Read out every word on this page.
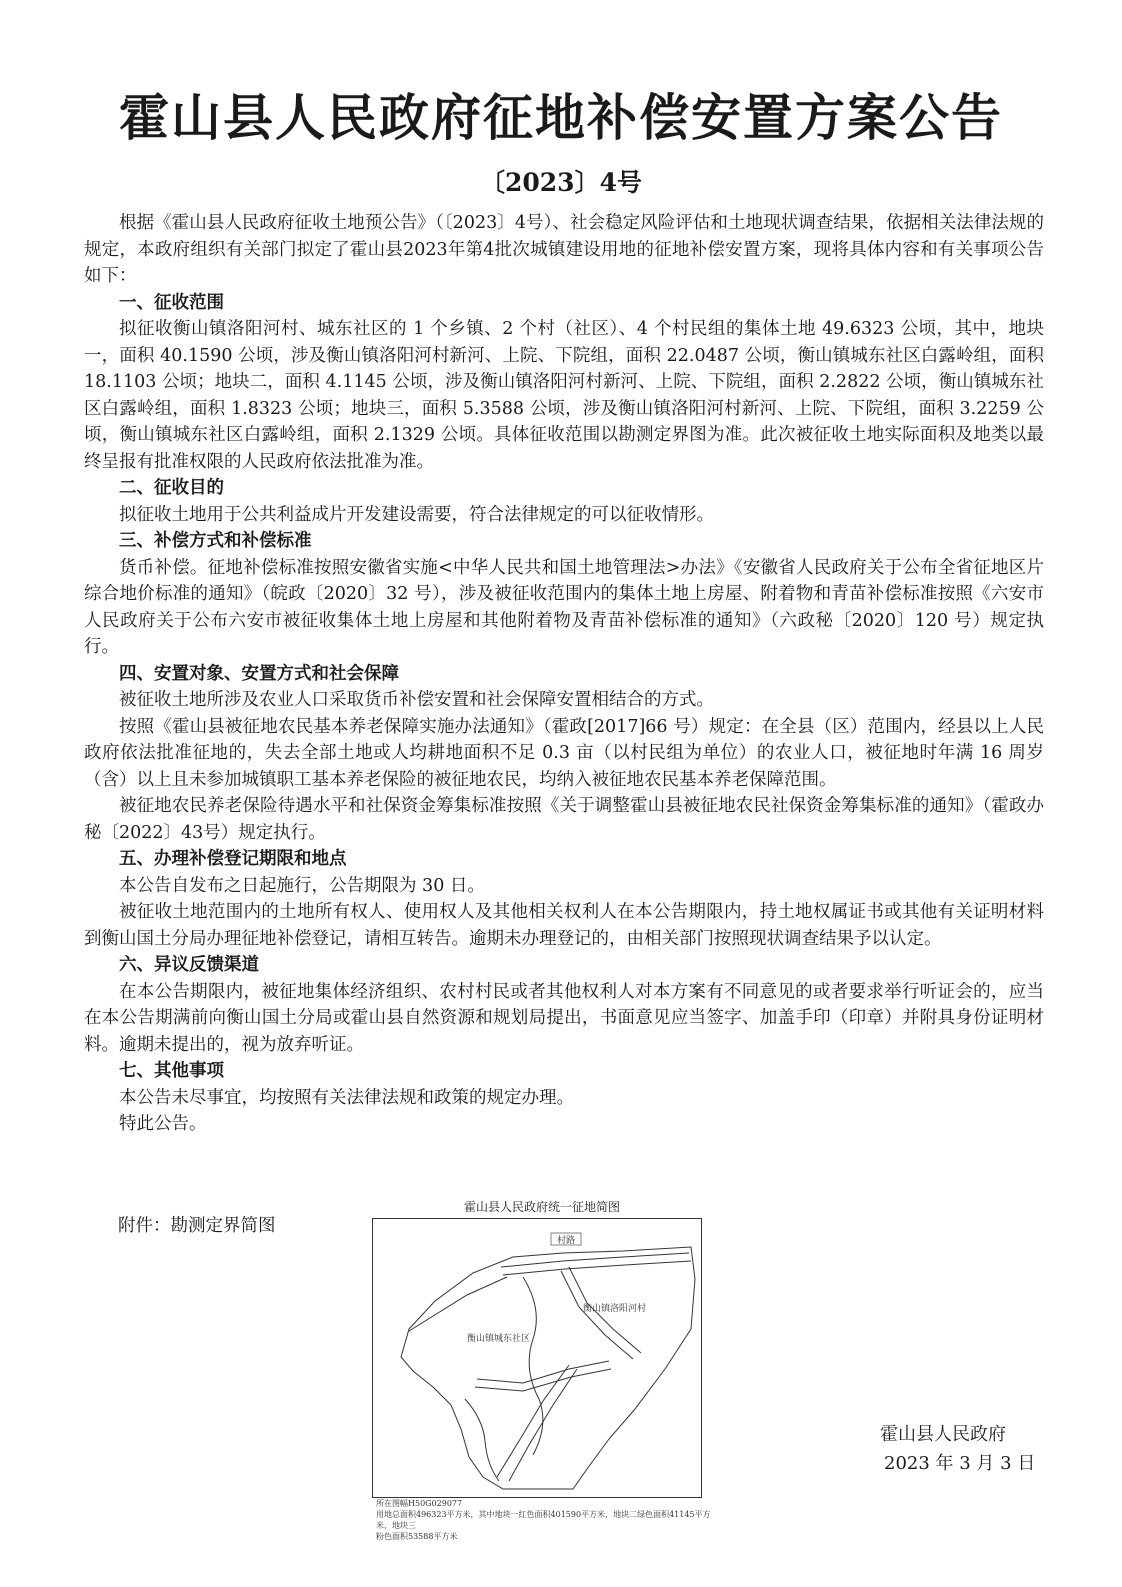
霍山县人民政府征地补偿安置方案公告
〔2023〕4号

根据《霍山县人民政府征收土地预公告》（〔2023〕4号）、社会稳定风险评估和土地现状调查结果，依据相关法律法规的规定，本政府组织有关部门拟定了霍山县2023年第4批次城镇建设用地的征地补偿安置方案，现将具体内容和有关事项公告如下：

一、征收范围

拟征收衡山镇洛阳河村、城东社区的 1 个乡镇、2 个村（社区）、4 个村民组的集体土地 49.6323 公顷，其中，地块一，面积 40.1590 公顷，涉及衡山镇洛阳河村新河、上院、下院组，面积 22.0487 公顷，衡山镇城东社区白露岭组，面积 18.1103 公顷；地块二，面积 4.1145 公顷，涉及衡山镇洛阳河村新河、上院、下院组，面积 2.2822 公顷，衡山镇城东社区白露岭组，面积 1.8323 公顷；地块三，面积 5.3588 公顷，涉及衡山镇洛阳河村新河、上院、下院组，面积 3.2259 公顷，衡山镇城东社区白露岭组，面积 2.1329 公顷。具体征收范围以勘测定界图为准。此次被征收土地实际面积及地类以最终呈报有批准权限的人民政府依法批准为准。

二、征收目的

拟征收土地用于公共利益成片开发建设需要，符合法律规定的可以征收情形。

三、补偿方式和补偿标准

货币补偿。征地补偿标准按照安徽省实施<中华人民共和国土地管理法>办法》《安徽省人民政府关于公布全省征地区片综合地价标准的通知》（皖政〔2020〕32 号），涉及被征收范围内的集体土地上房屋、附着物和青苗补偿标准按照《六安市人民政府关于公布六安市被征收集体土地上房屋和其他附着物及青苗补偿标准的通知》（六政秘〔2020〕120 号）规定执行。

四、安置对象、安置方式和社会保障

被征收土地所涉及农业人口采取货币补偿安置和社会保障安置相结合的方式。

按照《霍山县被征地农民基本养老保障实施办法通知》（霍政[2017]66 号）规定：在全县（区）范围内，经县以上人民政府依法批准征地的，失去全部土地或人均耕地面积不足 0.3 亩（以村民组为单位）的农业人口，被征地时年满 16 周岁（含）以上且未参加城镇职工基本养老保险的被征地农民，均纳入被征地农民基本养老保障范围。

被征地农民养老保险待遇水平和社保资金筹集标准按照《关于调整霍山县被征地农民社保资金筹集标准的通知》（霍政办秘〔2022〕43号）规定执行。

五、办理补偿登记期限和地点

本公告自发布之日起施行，公告期限为 30 日。

被征收土地范围内的土地所有权人、使用权人及其他相关权利人在本公告期限内，持土地权属证书或其他有关证明材料到衡山国土分局办理征地补偿登记，请相互转告。逾期未办理登记的，由相关部门按照现状调查结果予以认定。

六、异议反馈渠道

在本公告期限内，被征地集体经济组织、农村村民或者其他权利人对本方案有不同意见的或者要求举行听证会的，应当在本公告期满前向衡山国土分局或霍山县自然资源和规划局提出，书面意见应当签字、加盖手印（印章）并附具身份证明材料。逾期未提出的，视为放弃听证。

七、其他事项

本公告未尽事宜，均按照有关法律法规和政策的规定办理。

特此公告。

附件：勘测定界简图
霍山县人民政府统一征地简图
村路
衡山镇洛阳河村
衡山镇城东社区
所在图幅H50G029077
用地总面积496323平方米，其中地块一红色面积401590平方米，地块二绿色面积41145平方米，地块三
粉色面积53588平方米
霍山县人民政府
2023 年 3 月 3 日
